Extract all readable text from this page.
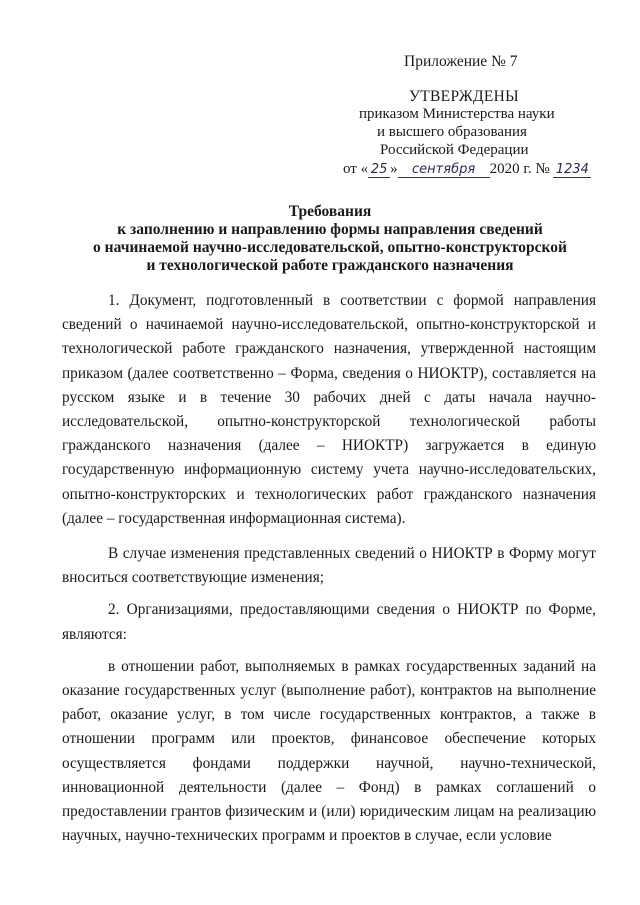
Приложение № 7
УТВЕРЖДЕНЫ
приказом Министерства науки
и высшего образования
Российской Федерации
от « 25 » сентября 2020 г. № 1234
Требования
к заполнению и направлению формы направления сведений
о начинаемой научно-исследовательской, опытно-конструкторской
и технологической работе гражданского назначения

1. Документ, подготовленный в соответствии с формой направления сведений о начинаемой научно-исследовательской, опытно-конструкторской и технологической работе гражданского назначения, утвержденной настоящим приказом (далее соответственно – Форма, сведения о НИОКТР), составляется на русском языке и в течение 30 рабочих дней с даты начала научно-исследовательской, опытно-конструкторской технологической работы гражданского назначения (далее – НИОКТР) загружается в единую государственную информационную систему учета научно-исследовательских, опытно-конструкторских и технологических работ гражданского назначения (далее – государственная информационная система).

В случае изменения представленных сведений о НИОКТР в Форму могут вноситься соответствующие изменения;

2. Организациями, предоставляющими сведения о НИОКТР по Форме, являются:

в отношении работ, выполняемых в рамках государственных заданий на оказание государственных услуг (выполнение работ), контрактов на выполнение работ, оказание услуг, в том числе государственных контрактов, а также в отношении программ или проектов, финансовое обеспечение которых осуществляется фондами поддержки научной, научно-технической, инновационной деятельности (далее – Фонд) в рамках соглашений о предоставлении грантов физическим и (или) юридическим лицам на реализацию научных, научно-технических программ и проектов в случае, если условие
